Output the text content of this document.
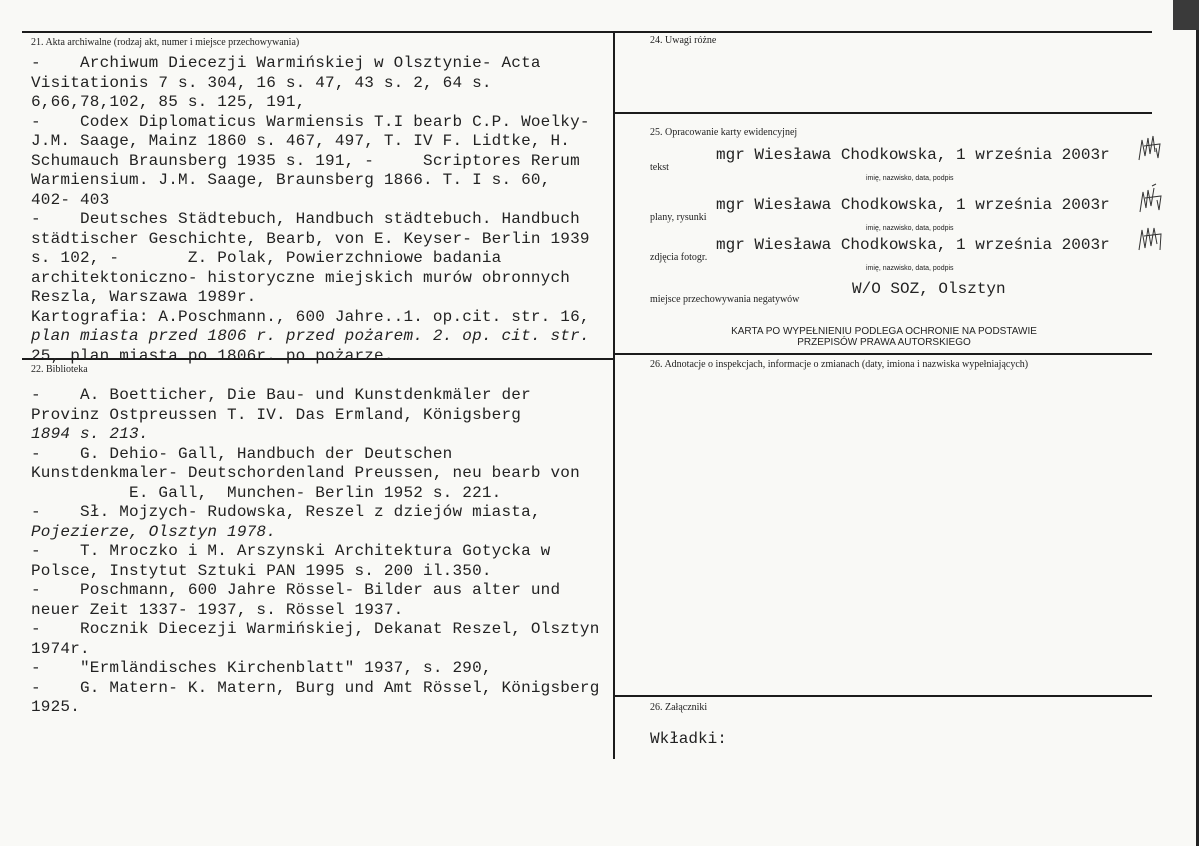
21. Akta archiwalne (rodzaj akt, numer i miejsce przechowywania)
-    Archiwum Diecezji Warmińskiej w Olsztynie- Acta
Visitationis 7 s. 304, 16 s. 47, 43 s. 2, 64 s.
6,66,78,102, 85 s. 125, 191,
-    Codex Diplomaticus Warmiensis T.I bearb C.P. Woelky-
J.M. Saage, Mainz 1860 s. 467, 497, T. IV F. Lidtke, H.
Schumauch Braunsberg 1935 s. 191, -     Scriptores Rerum
Warmiensium. J.M. Saage, Braunsberg 1866. T. I s. 60,
402- 403
-    Deutsches Städtebuch, Handbuch städtebuch. Handbuch
städtischer Geschichte, Bearb, von E. Keyser- Berlin 1939
s. 102, -       Z. Polak, Powierzchniowe badania
architektoniczno- historyczne miejskich murów obronnych
Reszla, Warszawa 1989r.
Kartografia: A.Poschmann., 600 Jahre..1. op.cit. str. 16,
plan miasta przed 1806 r. przed pożarem. 2. op. cit. str.
25, plan miasta po 1806r. po pożarze.
22. Biblioteka
-    A. Boetticher, Die Bau- und Kunstdenkmäler der
Provinz Ostpreussen T. IV. Das Ermland, Königsberg
1894 s. 213.
-    G. Dehio- Gall, Handbuch der Deutschen
Kunstdenkmaler- Deutschordenland Preussen, neu bearb von
E. Gall,  Munchen- Berlin 1952 s. 221.
-    Sł. Mojzych- Rudowska, Reszel z dziejów miasta,
Pojezierze, Olsztyn 1978.
-    T. Mroczko i M. Arszynski Architektura Gotycka w
Polsce, Instytut Sztuki PAN 1995 s. 200 il.350.
-    Poschmann, 600 Jahre Rössel- Bilder aus alter und
neuer Zeit 1337- 1937, s. Rössel 1937.
-    Rocznik Diecezji Warmińskiej, Dekanat Reszel, Olsztyn
1974r.
-    "Ermländisches Kirchenblatt" 1937, s. 290,
-    G. Matern- K. Matern, Burg und Amt Rössel, Königsberg
1925.
24. Uwagi różne
25. Opracowanie karty ewidencyjnej
tekst
mgr Wiesława Chodkowska, 1 września 2003r
imię, nazwisko, data, podpis
plany, rysunki
mgr Wiesława Chodkowska, 1 września 2003r
imię, nazwisko, data, podpis
zdjęcia fotogr.
mgr Wiesława Chodkowska, 1 września 2003r
imię, nazwisko, data, podpis
miejsce przechowywania negatywów
W/O SOZ, Olsztyn
KARTA PO WYPEŁNIENIU PODLEGA OCHRONIE NA PODSTAWIE
PRZEPISÓW PRAWA AUTORSKIEGO
26. Adnotacje o inspekcjach, informacje o zmianach (daty, imiona i nazwiska wypełniających)
26. Załączniki
Wkładki:
